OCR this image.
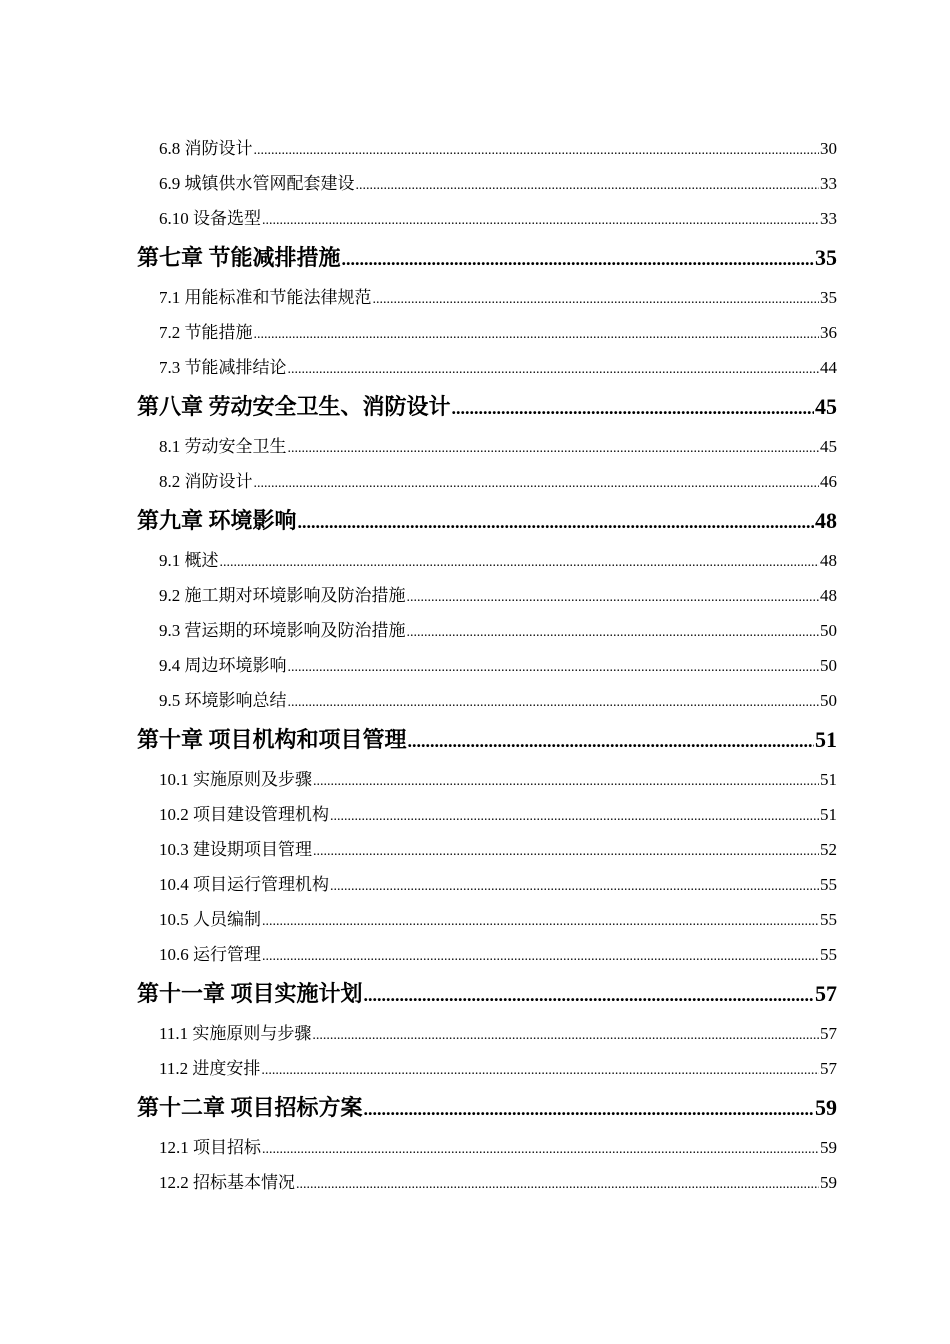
6.8 消防设计 .....	30
6.9 城镇供水管网配套建设 .....	33
6.10 设备选型 .....	33
第七章 节能减排措施 .....	35
7.1 用能标准和节能法律规范 .....	35
7.2 节能措施 .....	36
7.3 节能减排结论 .....	44
第八章 劳动安全卫生、消防设计 .....	45
8.1 劳动安全卫生 .....	45
8.2 消防设计 .....	46
第九章 环境影响 .....	48
9.1 概述 .....	48
9.2 施工期对环境影响及防治措施 .....	48
9.3 营运期的环境影响及防治措施 .....	50
9.4 周边环境影响 .....	50
9.5 环境影响总结 .....	50
第十章 项目机构和项目管理 .....	51
10.1 实施原则及步骤 .....	51
10.2 项目建设管理机构 .....	51
10.3 建设期项目管理 .....	52
10.4 项目运行管理机构 .....	55
10.5 人员编制 .....	55
10.6 运行管理 .....	55
第十一章 项目实施计划 .....	57
11.1 实施原则与步骤 .....	57
11.2 进度安排 .....	57
第十二章 项目招标方案 .....	59
12.1 项目招标 .....	59
12.2 招标基本情况 .....	59
